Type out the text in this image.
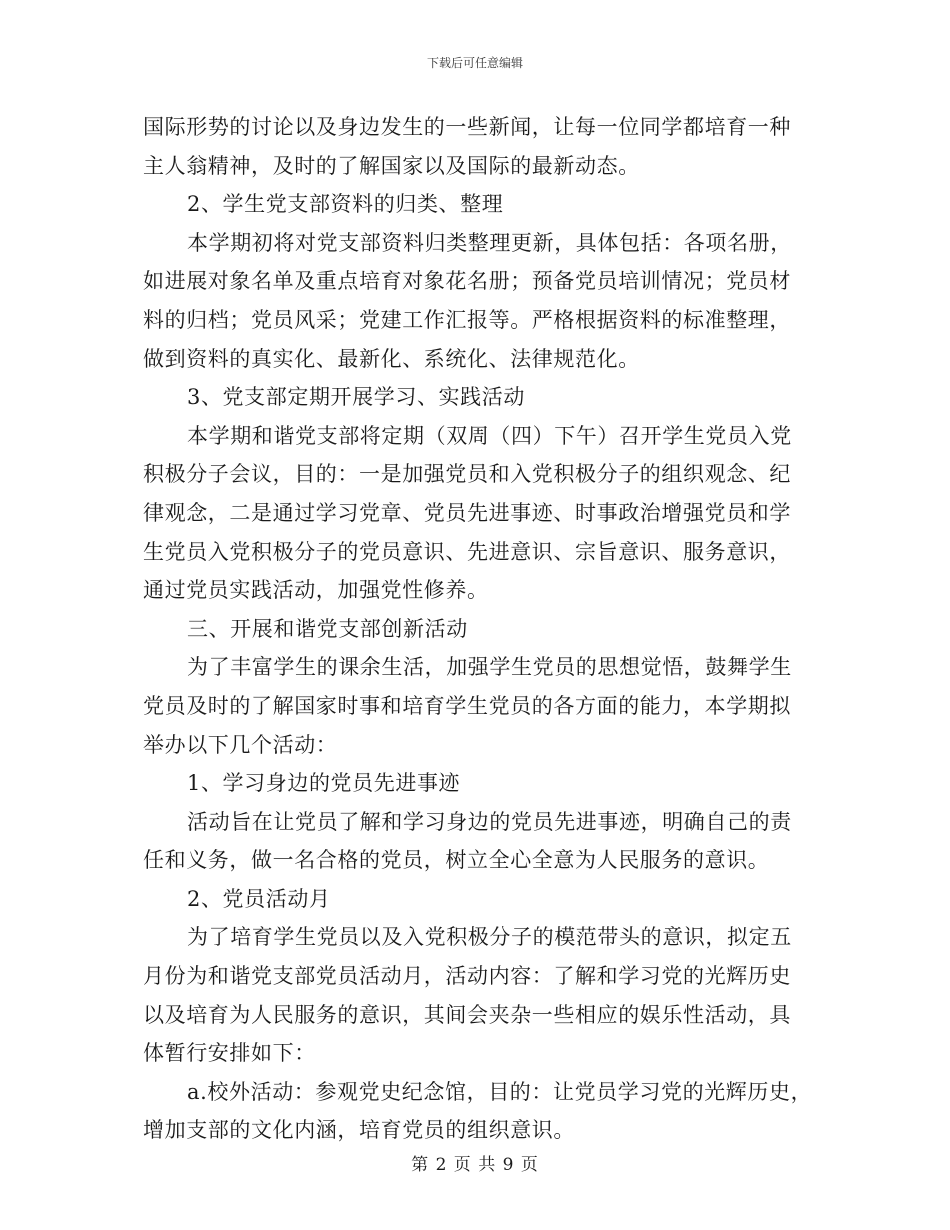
下载后可任意编辑
国际形势的讨论以及身边发生的一些新闻，让每一位同学都培育一种
主人翁精神，及时的了解国家以及国际的最新动态。
2、学生党支部资料的归类、整理
本学期初将对党支部资料归类整理更新，具体包括：各项名册，
如进展对象名单及重点培育对象花名册；预备党员培训情况；党员材
料的归档；党员风采；党建工作汇报等。严格根据资料的标准整理，
做到资料的真实化、最新化、系统化、法律规范化。
3、党支部定期开展学习、实践活动
本学期和谐党支部将定期（双周（四）下午）召开学生党员入党
积极分子会议，目的：一是加强党员和入党积极分子的组织观念、纪
律观念，二是通过学习党章、党员先进事迹、时事政治增强党员和学
生党员入党积极分子的党员意识、先进意识、宗旨意识、服务意识，
通过党员实践活动，加强党性修养。
三、开展和谐党支部创新活动
为了丰富学生的课余生活，加强学生党员的思想觉悟，鼓舞学生
党员及时的了解国家时事和培育学生党员的各方面的能力，本学期拟
举办以下几个活动：
1、学习身边的党员先进事迹
活动旨在让党员了解和学习身边的党员先进事迹，明确自己的责
任和义务，做一名合格的党员，树立全心全意为人民服务的意识。
2、党员活动月
为了培育学生党员以及入党积极分子的模范带头的意识，拟定五
月份为和谐党支部党员活动月，活动内容：了解和学习党的光辉历史
以及培育为人民服务的意识，其间会夹杂一些相应的娱乐性活动，具
体暂行安排如下：
a.校外活动：参观党史纪念馆，目的：让党员学习党的光辉历史，
增加支部的文化内涵，培育党员的组织意识。
第 2 页 共 9 页
